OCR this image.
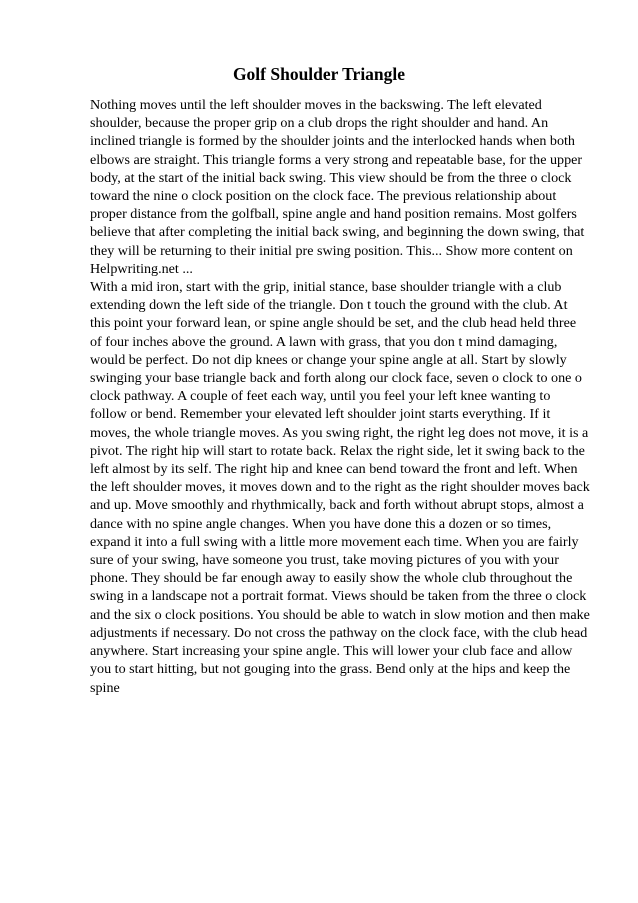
Golf Shoulder Triangle

Nothing moves until the left shoulder moves in the backswing. The left elevated shoulder, because the proper grip on a club drops the right shoulder and hand. An inclined triangle is formed by the shoulder joints and the interlocked hands when both elbows are straight. This triangle forms a very strong and repeatable base, for the upper body, at the start of the initial back swing. This view should be from the three o clock toward the nine o clock position on the clock face. The previous relationship about proper distance from the golfball, spine angle and hand position remains. Most golfers believe that after completing the initial back swing, and beginning the down swing, that they will be returning to their initial pre swing position. This... Show more content on Helpwriting.net ...

With a mid iron, start with the grip, initial stance, base shoulder triangle with a club extending down the left side of the triangle. Don t touch the ground with the club. At this point your forward lean, or spine angle should be set, and the club head held three of four inches above the ground. A lawn with grass, that you don t mind damaging, would be perfect. Do not dip knees or change your spine angle at all. Start by slowly swinging your base triangle back and forth along our clock face, seven o clock to one o clock pathway. A couple of feet each way, until you feel your left knee wanting to follow or bend. Remember your elevated left shoulder joint starts everything. If it moves, the whole triangle moves. As you swing right, the right leg does not move, it is a pivot. The right hip will start to rotate back. Relax the right side, let it swing back to the left almost by its self. The right hip and knee can bend toward the front and left. When the left shoulder moves, it moves down and to the right as the right shoulder moves back and up. Move smoothly and rhythmically, back and forth without abrupt stops, almost a dance with no spine angle changes. When you have done this a dozen or so times, expand it into a full swing with a little more movement each time. When you are fairly sure of your swing, have someone you trust, take moving pictures of you with your phone. They should be far enough away to easily show the whole club throughout the swing in a landscape not a portrait format. Views should be taken from the three o clock and the six o clock positions. You should be able to watch in slow motion and then make adjustments if necessary. Do not cross the pathway on the clock face, with the club head anywhere. Start increasing your spine angle. This will lower your club face and allow you to start hitting, but not gouging into the grass. Bend only at the hips and keep the spine
